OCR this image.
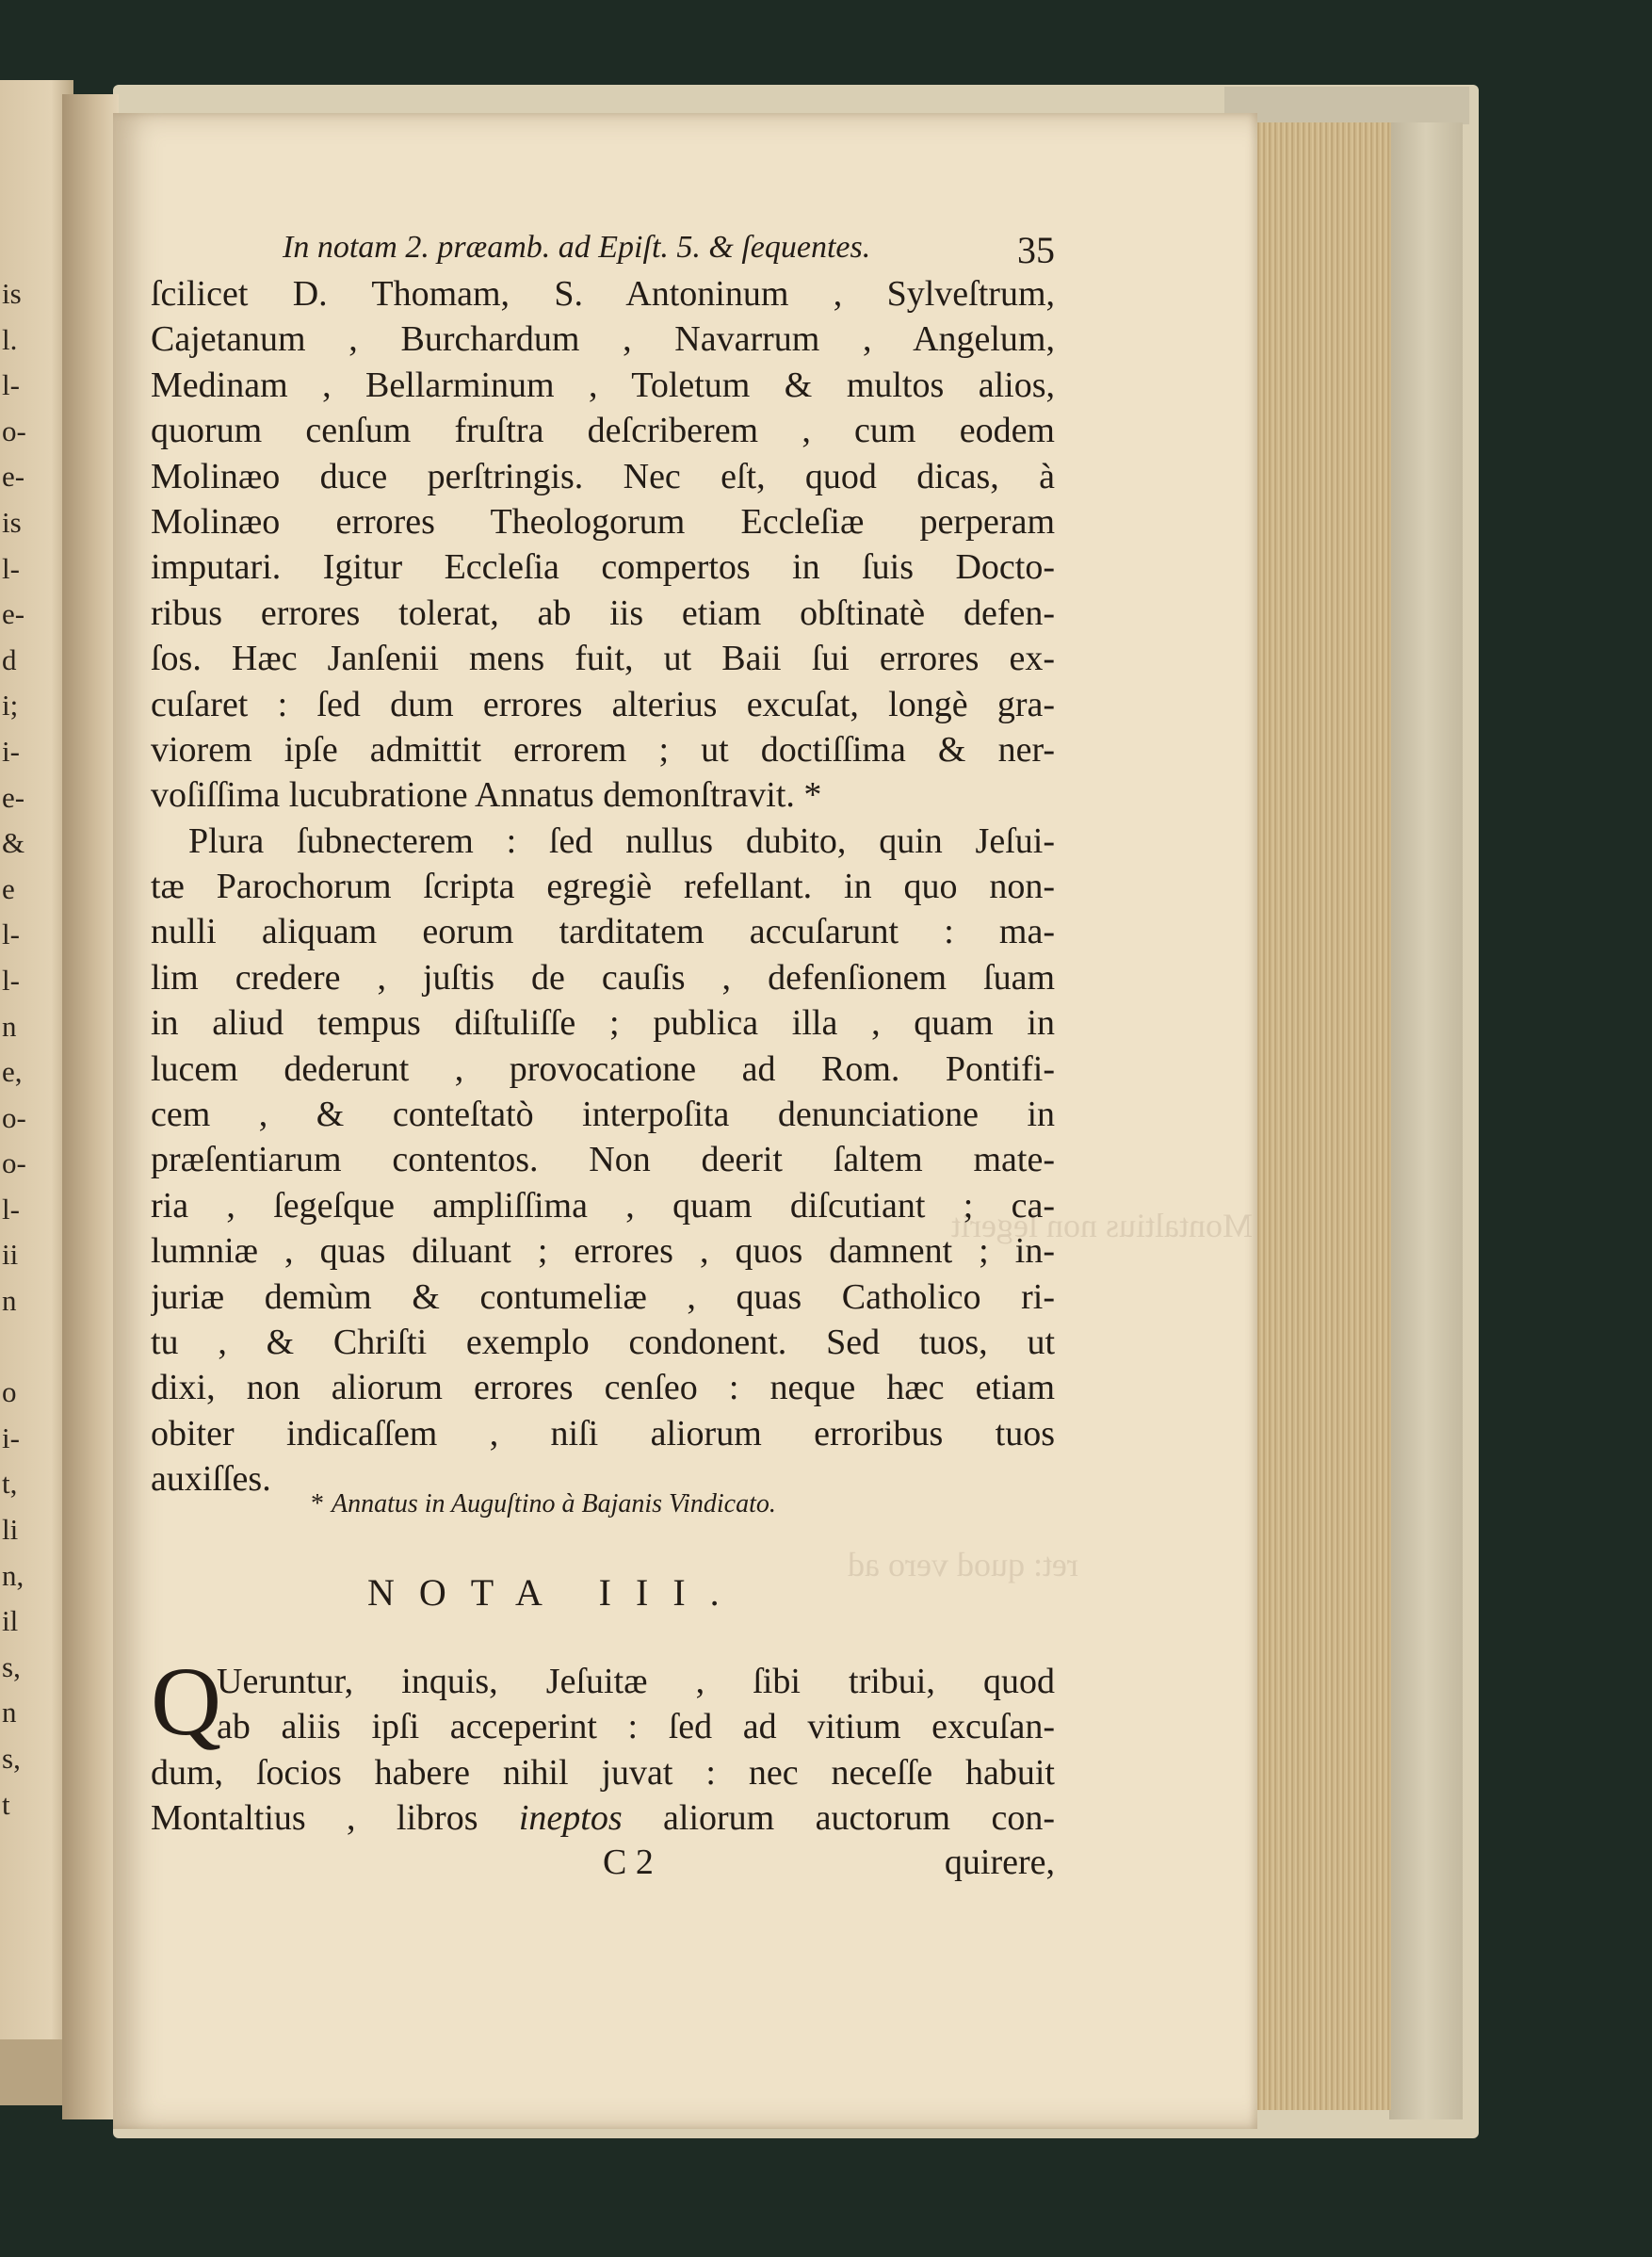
is
l.
l-
o-
e-
is
l-
e-
d
i;
i-
e-
&
e
l-
l-
n
e,
o-
o-
l-
ii
n

o
i-
t,
li
n,
il
s,
n
s,
t
Montaltius non legerit
ret: quod vero ad
In notam 2. præamb. ad Epiſt. 5. & ſequentes.	35
ſcilicet D. Thomam, S. Antoninum , Sylveſtrum,
Cajetanum , Burchardum , Navarrum , Angelum,
Medinam , Bellarminum , Toletum & multos alios,
quorum cenſum fruſtra deſcriberem , cum eodem
Molinæo duce perſtringis. Nec eſt, quod dicas, à
Molinæo errores Theologorum Eccleſiæ perperam
imputari. Igitur Eccleſia compertos in ſuis Docto-
ribus errores tolerat, ab iis etiam obſtinatè defen-
ſos. Hæc Janſenii mens fuit, ut Baii ſui errores ex-
cuſaret : ſed dum errores alterius excuſat, longè gra-
viorem ipſe admittit errorem ; ut doctiſſima & ner-
voſiſſima lucubratione Annatus demonſtravit. *
Plura ſubnecterem : ſed nullus dubito, quin Jeſui-
tæ Parochorum ſcripta egregiè refellant. in quo non-
nulli aliquam eorum tarditatem accuſarunt : ma-
lim credere , juſtis de cauſis , defenſionem ſuam
in aliud tempus diſtuliſſe ; publica illa , quam in
lucem dederunt , provocatione ad Rom. Pontifi-
cem , & conteſtatò interpoſita denunciatione in
præſentiarum contentos. Non deerit ſaltem mate-
ria , ſegeſque ampliſſima , quam diſcutiant ; ca-
lumniæ , quas diluant ; errores , quos damnent ; in-
juriæ demùm & contumeliæ , quas Catholico ri-
tu , & Chriſti exemplo condonent. Sed tuos, ut
dixi, non aliorum errores cenſeo : neque hæc etiam
obiter indicaſſem , niſi aliorum erroribus tuos
auxiſſes.
* Annatus in Auguſtino à Bajanis Vindicato.
NOTA III.
Q
Ueruntur, inquis, Jeſuitæ , ſibi tribui, quod
ab aliis ipſi acceperint : ſed ad vitium excuſan-
dum, ſocios habere nihil juvat : nec neceſſe habuit
Montaltius , libros ineptos aliorum auctorum con-
C 2	quirere,
